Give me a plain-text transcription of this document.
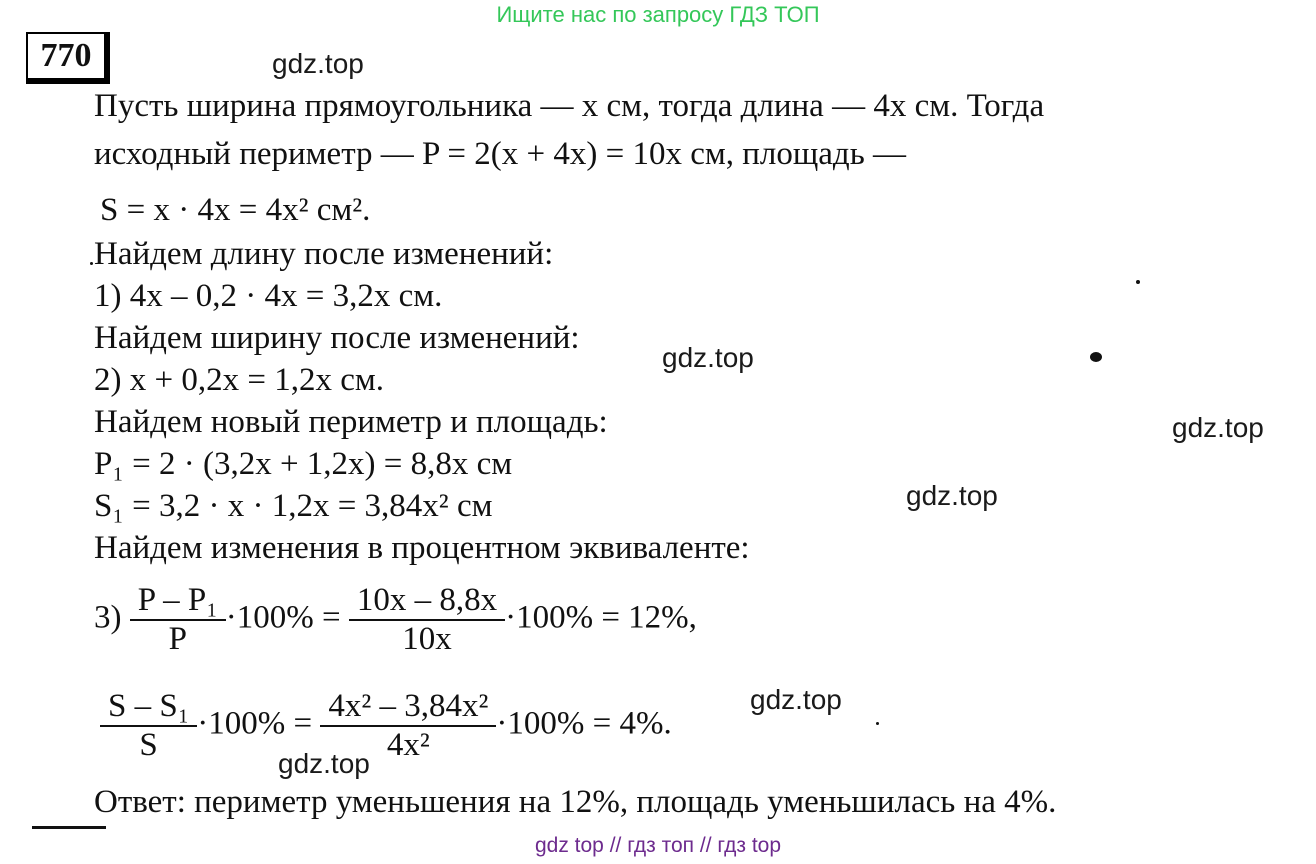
Ищите нас по запросу ГДЗ ТОП
770	gdz.top
gdz.top
gdz.top
gdz.top
gdz.top
gdz.top
Пусть ширина прямоугольника — x см, тогда длина — 4x см. Тогда
исходный периметр — P = 2(x + 4x) = 10x см, площадь —
S = x · 4x = 4x² см².
Найдем длину после изменений:
1) 4x – 0,2 · 4x = 3,2x см.
Найдем ширину после изменений:
2) x + 0,2x = 1,2x см.
Найдем новый периметр и площадь:
P₁ = 2 · (3,2x + 1,2x) = 8,8x см
S₁ = 3,2 · x · 1,2x = 3,84x² см
Найдем изменения в процентном эквиваленте:
$3) \frac{\text{P – P₁}}{P} \cdot 100\% = \frac{10x - 8,8x}{10x} \cdot 100\% = 12\%$,
$\frac{\text{S – S₁}}{S} \cdot 100\% = \frac{\text{4x² – 3,84x²}}{\text{4x²}} \cdot 100\% = 4\%$.
Ответ: периметр уменьшения на 12%, площадь уменьшилась на 4%.
gdz top // гдз топ // гдз top
